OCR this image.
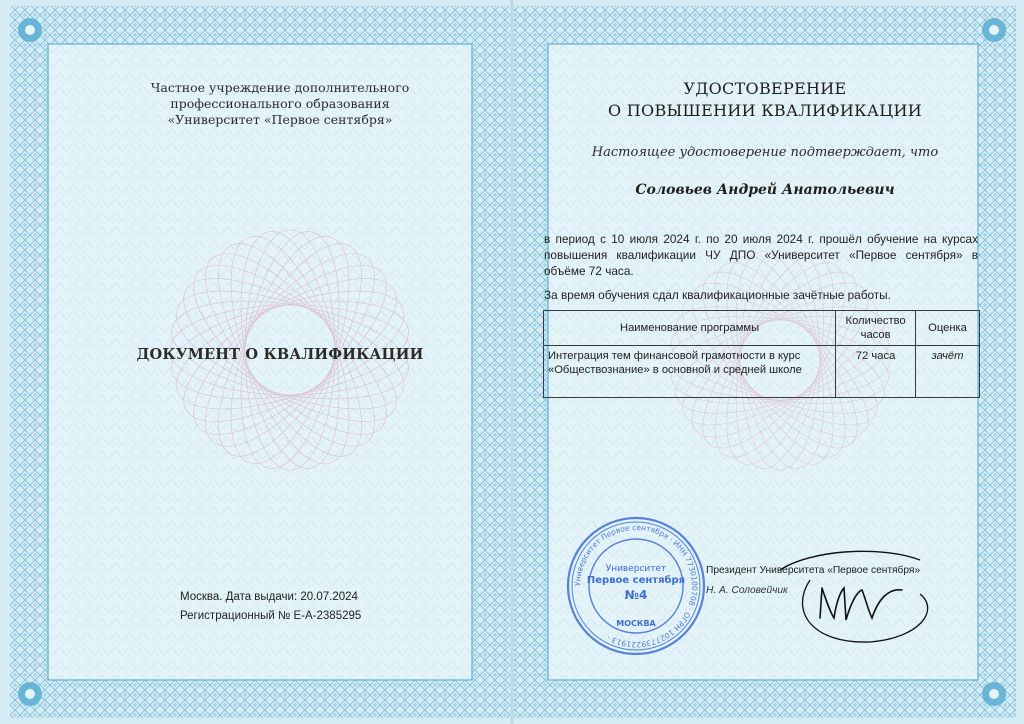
Частное учреждение дополнительного
профессионального образования
«Университет «Первое сентября»
ДОКУМЕНТ О КВАЛИФИКАЦИИ
Москва. Дата выдачи: 20.07.2024
Регистрационный № Е-А-2385295
УДОСТОВЕРЕНИЕ
О ПОВЫШЕНИИ КВАЛИФИКАЦИИ
Настоящее удостоверение подтверждает, что
Соловьев Андрей Анатольевич
в период с 10 июля 2024 г. по 20 июля 2024 г. прошёл обучение на курсах повышения квалификации ЧУ ДПО «Университет «Первое сентября» в объёме 72 часа.
За время обучения сдал квалификационные зачётные работы.
Наименование программы	Количество часов	Оценка
Интеграция тем финансовой грамотности в курс «Обществознание» в основной и средней школе	72 часа	зачёт
Университет Первое сентября · ИНН 7730100708 · ОГРН 1027739221913 ·
Университет
Первое сентября
№4
МОСКВА
Президент Университета «Первое сентября»
Н. А. Соловейчик
